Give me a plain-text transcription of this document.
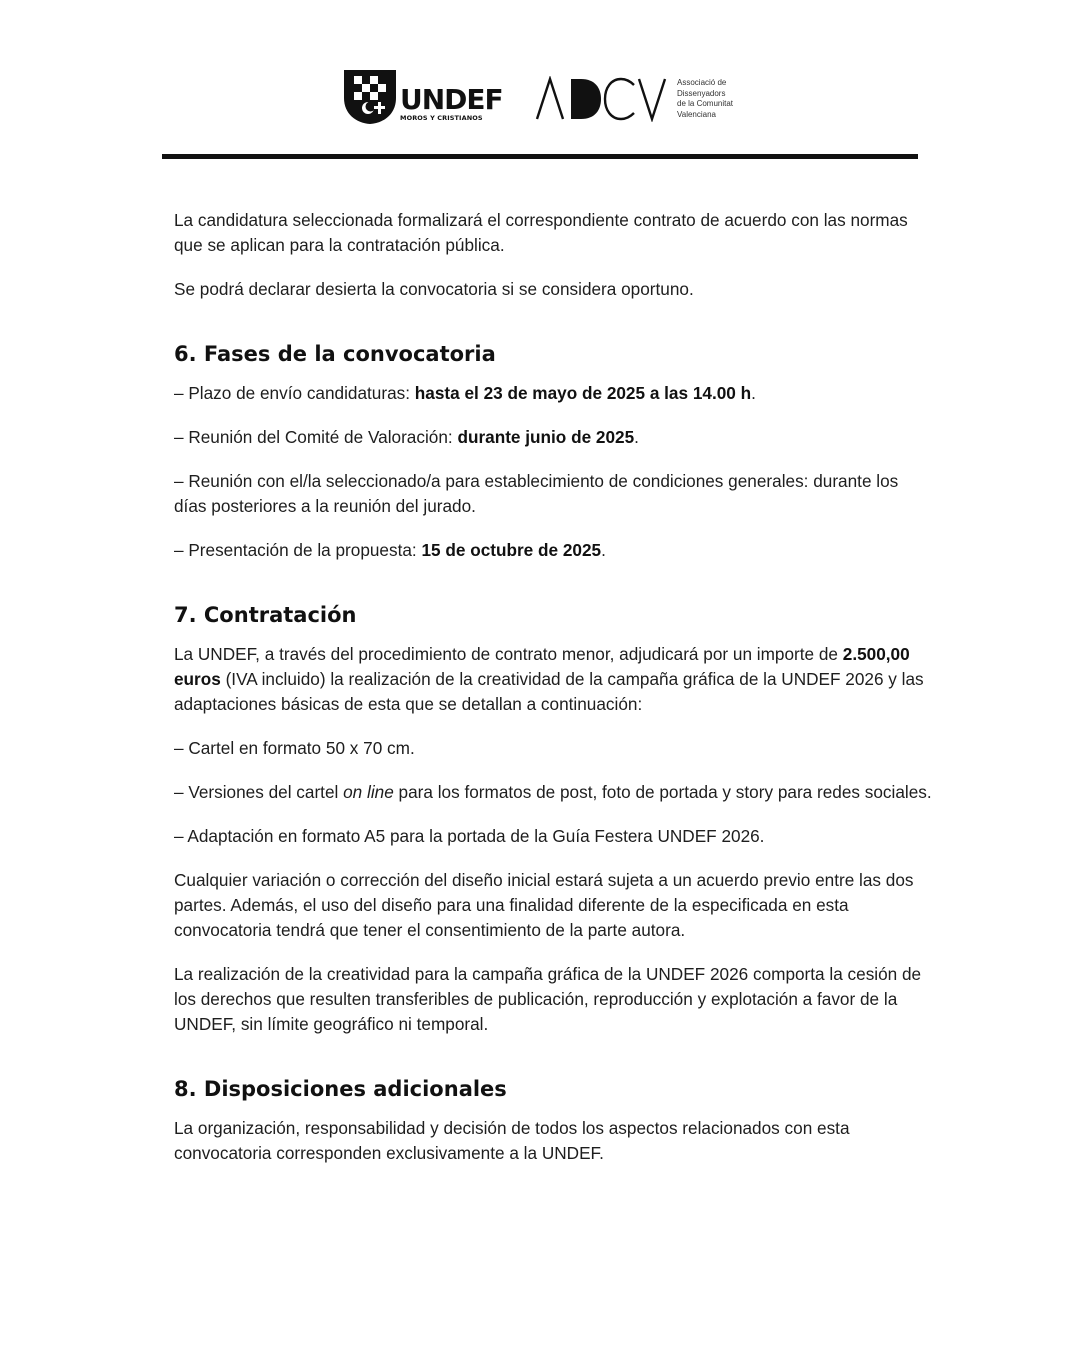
UNDEF
MOROS Y CRISTIANOS
Associació de
Dissenyadors
de la Comunitat
Valenciana

La candidatura seleccionada formalizará el correspondiente contrato de acuerdo con las normas que se aplican para la contratación pública.

Se podrá declarar desierta la convocatoria si se considera oportuno.

6. Fases de la convocatoria

– Plazo de envío candidaturas: hasta el 23 de mayo de 2025 a las 14.00 h.

– Reunión del Comité de Valoración: durante junio de 2025.

– Reunión con el/la seleccionado/a para establecimiento de condiciones generales: durante los días posteriores a la reunión del jurado.

– Presentación de la propuesta: 15 de octubre de 2025.

7. Contratación

La UNDEF, a través del procedimiento de contrato menor, adjudicará por un importe de 2.500,00 euros (IVA incluido) la realización de la creatividad de la campaña gráfica de la UNDEF 2026 y las adaptaciones básicas de esta que se detallan a continuación:

– Cartel en formato 50 x 70 cm.

– Versiones del cartel on line para los formatos de post, foto de portada y story para redes sociales.

– Adaptación en formato A5 para la portada de la Guía Festera UNDEF 2026.

Cualquier variación o corrección del diseño inicial estará sujeta a un acuerdo previo entre las dos partes. Además, el uso del diseño para una finalidad diferente de la especificada en esta convocatoria tendrá que tener el consentimiento de la parte autora.

La realización de la creatividad para la campaña gráfica de la UNDEF 2026 comporta la cesión de los derechos que resulten transferibles de publicación, reproducción y explotación a favor de la UNDEF, sin límite geográfico ni temporal.

8. Disposiciones adicionales

La organización, responsabilidad y decisión de todos los aspectos relacionados con esta convocatoria corresponden exclusivamente a la UNDEF.
